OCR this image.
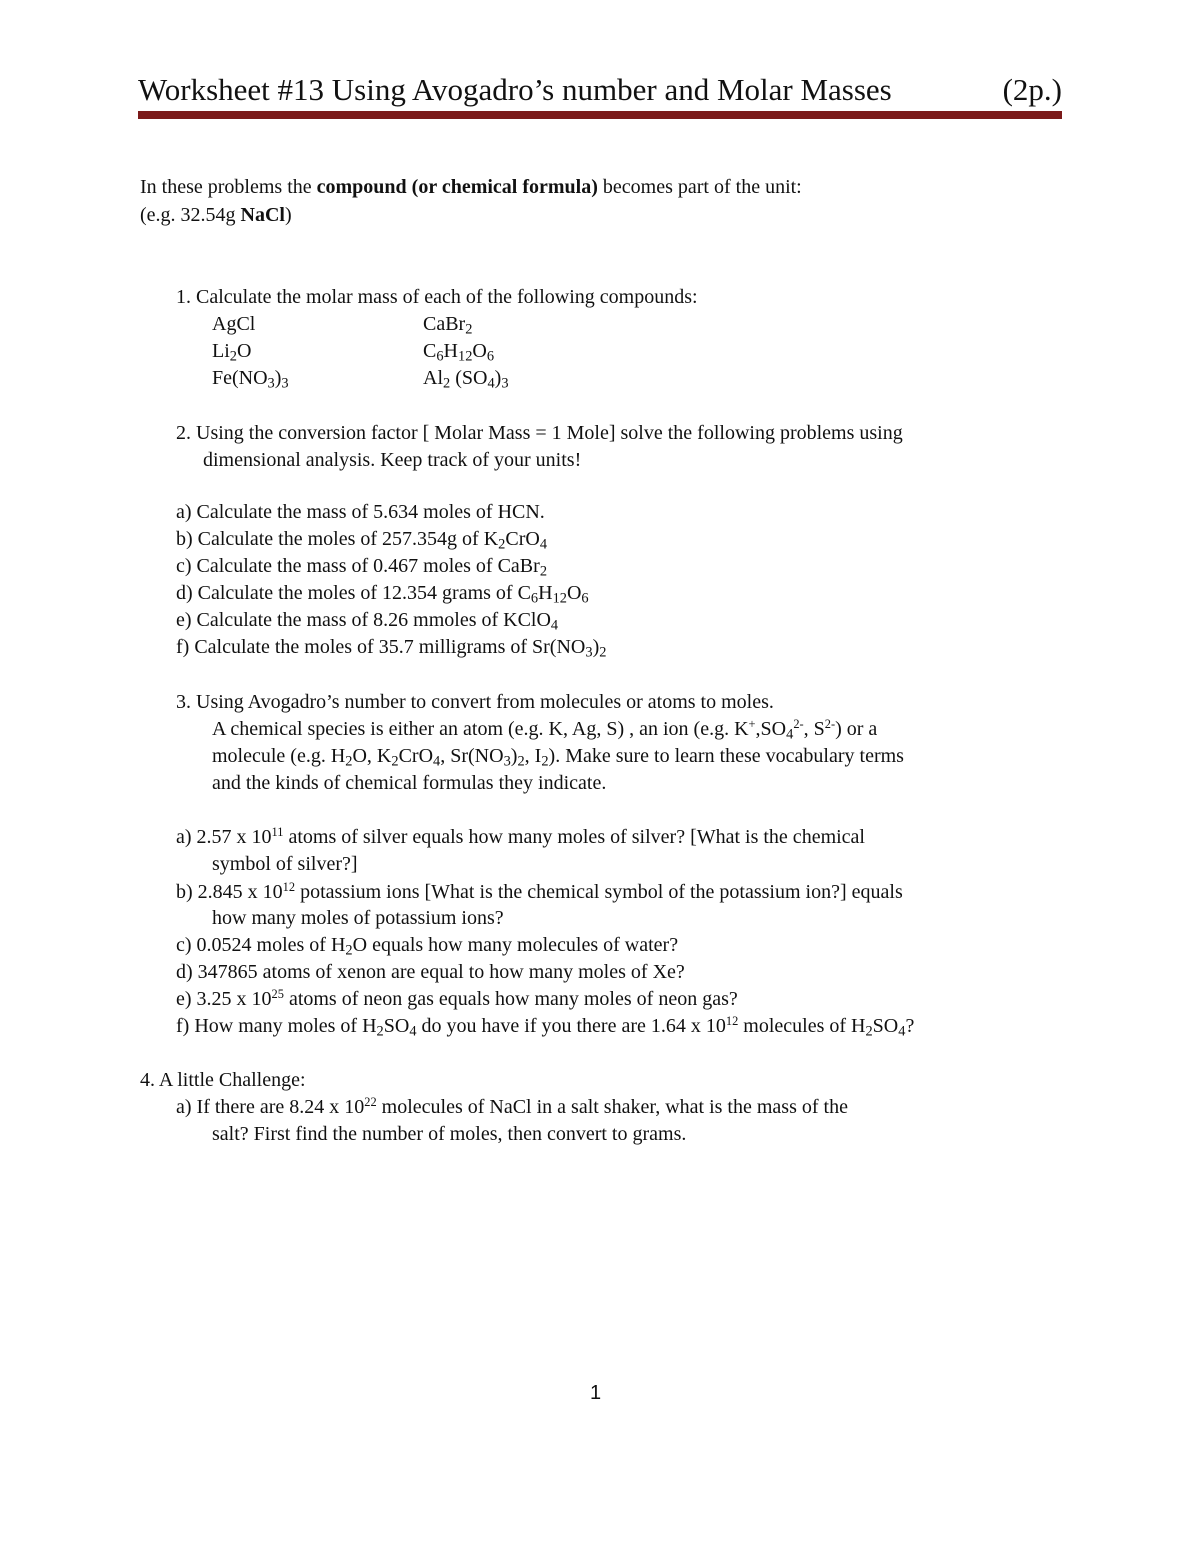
Worksheet #13 Using Avogadro’s number and Molar Masses	(2p.)
In these problems the compound (or chemical formula) becomes part of the unit:
(e.g. 32.54g NaCl)
1. Calculate the molar mass of each of the following compounds:
AgCl	CaBr$_2$
$Li_2O$	$C_6H_{12}O_6$
$Fe(NO_3)_3$	$Al_2$ $(SO_4)_3$
2. Using the conversion factor [ Molar Mass = 1 Mole] solve the following problems using
dimensional analysis. Keep track of your units!
a) Calculate the mass of 5.634 moles of HCN.
b) Calculate the moles of 257.354g of $K_2CrO_4$
c) Calculate the mass of 0.467 moles of CaBr$_2$
d) Calculate the moles of 12.354 grams of $C_6H_{12}O_6$
e) Calculate the mass of 8.26 mmoles of KClO$_4$
f) Calculate the moles of 35.7 milligrams of $Sr(NO_3)_2$
3. Using Avogadro’s number to convert from molecules or atoms to moles.
A chemical species is either an atom (e.g. K, Ag, S) , an ion (e.g. $K^+,SO_4^{2-}$, $S^{2-}$) or a
molecule (e.g. $H_2O$, $K_2CrO_4$, $Sr(NO_3)_2$, $I_2$). Make sure to learn these vocabulary terms
and the kinds of chemical formulas they indicate.
a) 2.57 x $10^{11}$ atoms of silver equals how many moles of silver? [What is the chemical
symbol of silver?]
b) 2.845 x $10^{12}$ potassium ions [What is the chemical symbol of the potassium ion?] equals
how many moles of potassium ions?
c) 0.0524 moles of $H_2O$ equals how many molecules of water?
d) 347865 atoms of xenon are equal to how many moles of Xe?
e) 3.25 x $10^{25}$ atoms of neon gas equals how many moles of neon gas?
f) How many moles of $H_2SO_4$ do you have if you there are 1.64 x $10^{12}$ molecules of $H_2SO_4$?
4. A little Challenge:
a) If there are 8.24 x $10^{22}$ molecules of NaCl in a salt shaker, what is the mass of the
salt? First find the number of moles, then convert to grams.
1
